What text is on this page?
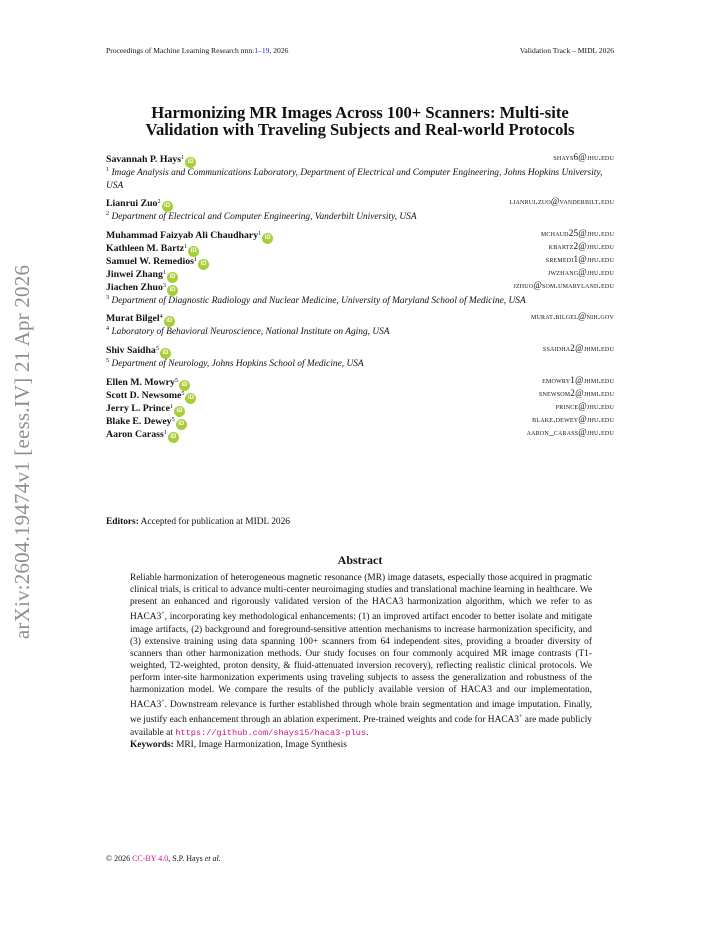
Proceedings of Machine Learning Research nnn:1–19, 2026	Validation Track – MIDL 2026
arXiv:2604.19474v1 [eess.IV] 21 Apr 2026
Harmonizing MR Images Across 100+ Scanners: Multi-site
Validation with Traveling Subjects and Real-world Protocols
Savannah P. Hays$^1$iD	shays6@jhu.edu
$^1$ Image Analysis and Communications Laboratory, Department of Electrical and Computer Engineering, Johns Hopkins University, USA
Lianrui Zuo$^2$iD	lianrui.zuo@vanderbilt.edu
$^2$ Department of Electrical and Computer Engineering, Vanderbilt University, USA
Muhammad Faizyab Ali Chaudhary$^1$iD	mchaud25@jhu.edu
Kathleen M. Bartz$^1$iD	kbartz2@jhu.edu
Samuel W. Remedios$^1$iD	sremedi1@jhu.edu
Jinwei Zhang$^1$iD	jwzhang@jhu.edu
Jiachen Zhuo$^3$iD	jzhuo@som.umaryland.edu
$^3$ Department of Diagnostic Radiology and Nuclear Medicine, University of Maryland School of Medicine, USA
Murat Bilgel$^4$iD	murat.bilgel@nih.gov
$^4$ Laboratory of Behavioral Neuroscience, National Institute on Aging, USA
Shiv Saidha$^5$iD	ssaidha2@jhmi.edu
$^5$ Department of Neurology, Johns Hopkins School of Medicine, USA
Ellen M. Mowry$^5$iD	emowry1@jhmi.edu
Scott D. Newsome$^5$iD	snewsom2@jhmi.edu
Jerry L. Prince$^1$iD	prince@jhu.edu
Blake E. Dewey$^5$iD	blake.dewey@jhu.edu
Aaron Carass$^1$iD	aaron_carass@jhu.edu
Editors: Accepted for publication at MIDL 2026
Abstract
Reliable harmonization of heterogeneous magnetic resonance (MR) image datasets, especially those acquired in pragmatic clinical trials, is critical to advance multi-center neuroimaging studies and translational machine learning in healthcare. We present an enhanced and rigorously validated version of the HACA3 harmonization algorithm, which we refer to as HACA3+, incorporating key methodological enhancements: (1) an improved artifact encoder to better isolate and mitigate image artifacts, (2) background and foreground-sensitive attention mechanisms to increase harmonization specificity, and (3) extensive training using data spanning 100+ scanners from 64 independent sites, providing a broader diversity of scanners than other harmonization methods. Our study focuses on four commonly acquired MR image contrasts (T1-weighted, T2-weighted, proton density, & fluid-attenuated inversion recovery), reflecting realistic clinical protocols. We perform inter-site harmonization experiments using traveling subjects to assess the generalization and robustness of the harmonization model. We compare the results of the publicly available version of HACA3 and our implementation, HACA3+. Downstream relevance is further established through whole brain segmentation and image imputation. Finally, we justify each enhancement through an ablation experiment. Pre-trained weights and code for HACA3+ are made publicly available at https://github.com/shays15/haca3-plus.
Keywords: MRI, Image Harmonization, Image Synthesis
© 2026 CC-BY 4.0, S.P. Hays et al.
